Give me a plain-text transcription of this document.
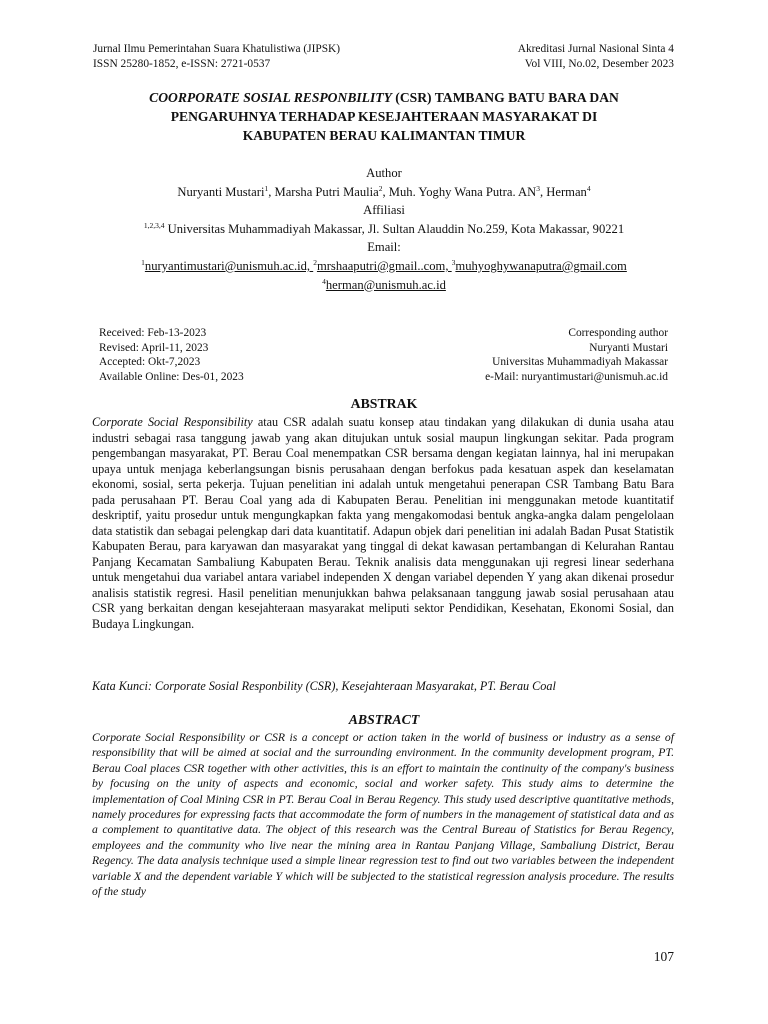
Jurnal Ilmu Pemerintahan Suara Khatulistiwa (JIPSK)
ISSN 25280-1852, e-ISSN: 2721-0537
Akreditasi Jurnal Nasional Sinta 4
Vol VIII, No.02, Desember 2023
COORPORATE SOSIAL RESPONBILITY (CSR) TAMBANG BATU BARA DAN
PENGARUHNYA TERHADAP KESEJAHTERAAN MASYARAKAT DI
KABUPATEN BERAU KALIMANTAN TIMUR
Author
Nuryanti Mustari$^1$, Marsha Putri Maulia$^2$, Muh. Yoghy Wana Putra. $AN^3$, Herman$^4$
Affiliasi
$^{1,2,3,4}$ Universitas Muhammadiyah Makassar, Jl. Sultan Alauddin No.259, Kota Makassar, 90221
Email:
$^1$nuryantimustari@unismuh.ac.id, $^2$mrshaaputri@gmail..com, $^3$muhyoghywanaputra@gmail.com
$^4$herman@unismuh.ac.id
Received: Feb-13-2023
Revised: April-11, 2023
Accepted: Okt-7,2023
Available Online: Des-01, 2023
Corresponding author
Nuryanti Mustari
Universitas Muhammadiyah Makassar
e-Mail: nuryantimustari@unismuh.ac.id
ABSTRAK

Corporate Social Responsibility atau CSR adalah suatu konsep atau tindakan yang dilakukan di dunia usaha atau industri sebagai rasa tanggung jawab yang akan ditujukan untuk sosial maupun lingkungan sekitar. Pada program pengembangan masyarakat, PT. Berau Coal menempatkan CSR bersama dengan kegiatan lainnya, hal ini merupakan upaya untuk menjaga keberlangsungan bisnis perusahaan dengan berfokus pada kesatuan aspek dan keselamatan ekonomi, sosial, serta pekerja. Tujuan penelitian ini adalah untuk mengetahui penerapan CSR Tambang Batu Bara pada perusahaan PT. Berau Coal yang ada di Kabupaten Berau. Penelitian ini menggunakan metode kuantitatif deskriptif, yaitu prosedur untuk mengungkapkan fakta yang mengakomodasi bentuk angka-angka dalam pengelolaan data statistik dan sebagai pelengkap dari data kuantitatif. Adapun objek dari penelitian ini adalah Badan Pusat Statistik Kabupaten Berau, para karyawan dan masyarakat yang tinggal di dekat kawasan pertambangan di Kelurahan Rantau Panjang Kecamatan Sambaliung Kabupaten Berau. Teknik analisis data menggunakan uji regresi linear sederhana untuk mengetahui dua variabel antara variabel independen X dengan variabel dependen Y yang akan dikenai prosedur analisis statistik regresi. Hasil penelitian menunjukkan bahwa pelaksanaan tanggung jawab sosial perusahaan atau CSR yang berkaitan dengan kesejahteraan masyarakat meliputi sektor Pendidikan, Kesehatan, Ekonomi Sosial, dan Budaya Lingkungan.

Kata Kunci: Corporate Sosial Responbility (CSR), Kesejahteraan Masyarakat, PT. Berau Coal
ABSTRACT

Corporate Social Responsibility or CSR is a concept or action taken in the world of business or industry as a sense of responsibility that will be aimed at social and the surrounding environment. In the community development program, PT. Berau Coal places CSR together with other activities, this is an effort to maintain the continuity of the company's business by focusing on the unity of aspects and economic, social and worker safety. This study aims to determine the implementation of Coal Mining CSR in PT. Berau Coal in Berau Regency. This study used descriptive quantitative methods, namely procedures for expressing facts that accommodate the form of numbers in the management of statistical data and as a complement to quantitative data. The object of this research was the Central Bureau of Statistics for Berau Regency, employees and the community who live near the mining area in Rantau Panjang Village, Sambaliung District, Berau Regency. The data analysis technique used a simple linear regression test to find out two variables between the independent variable X and the dependent variable Y which will be subjected to the statistical regression analysis procedure. The results of the study

107
